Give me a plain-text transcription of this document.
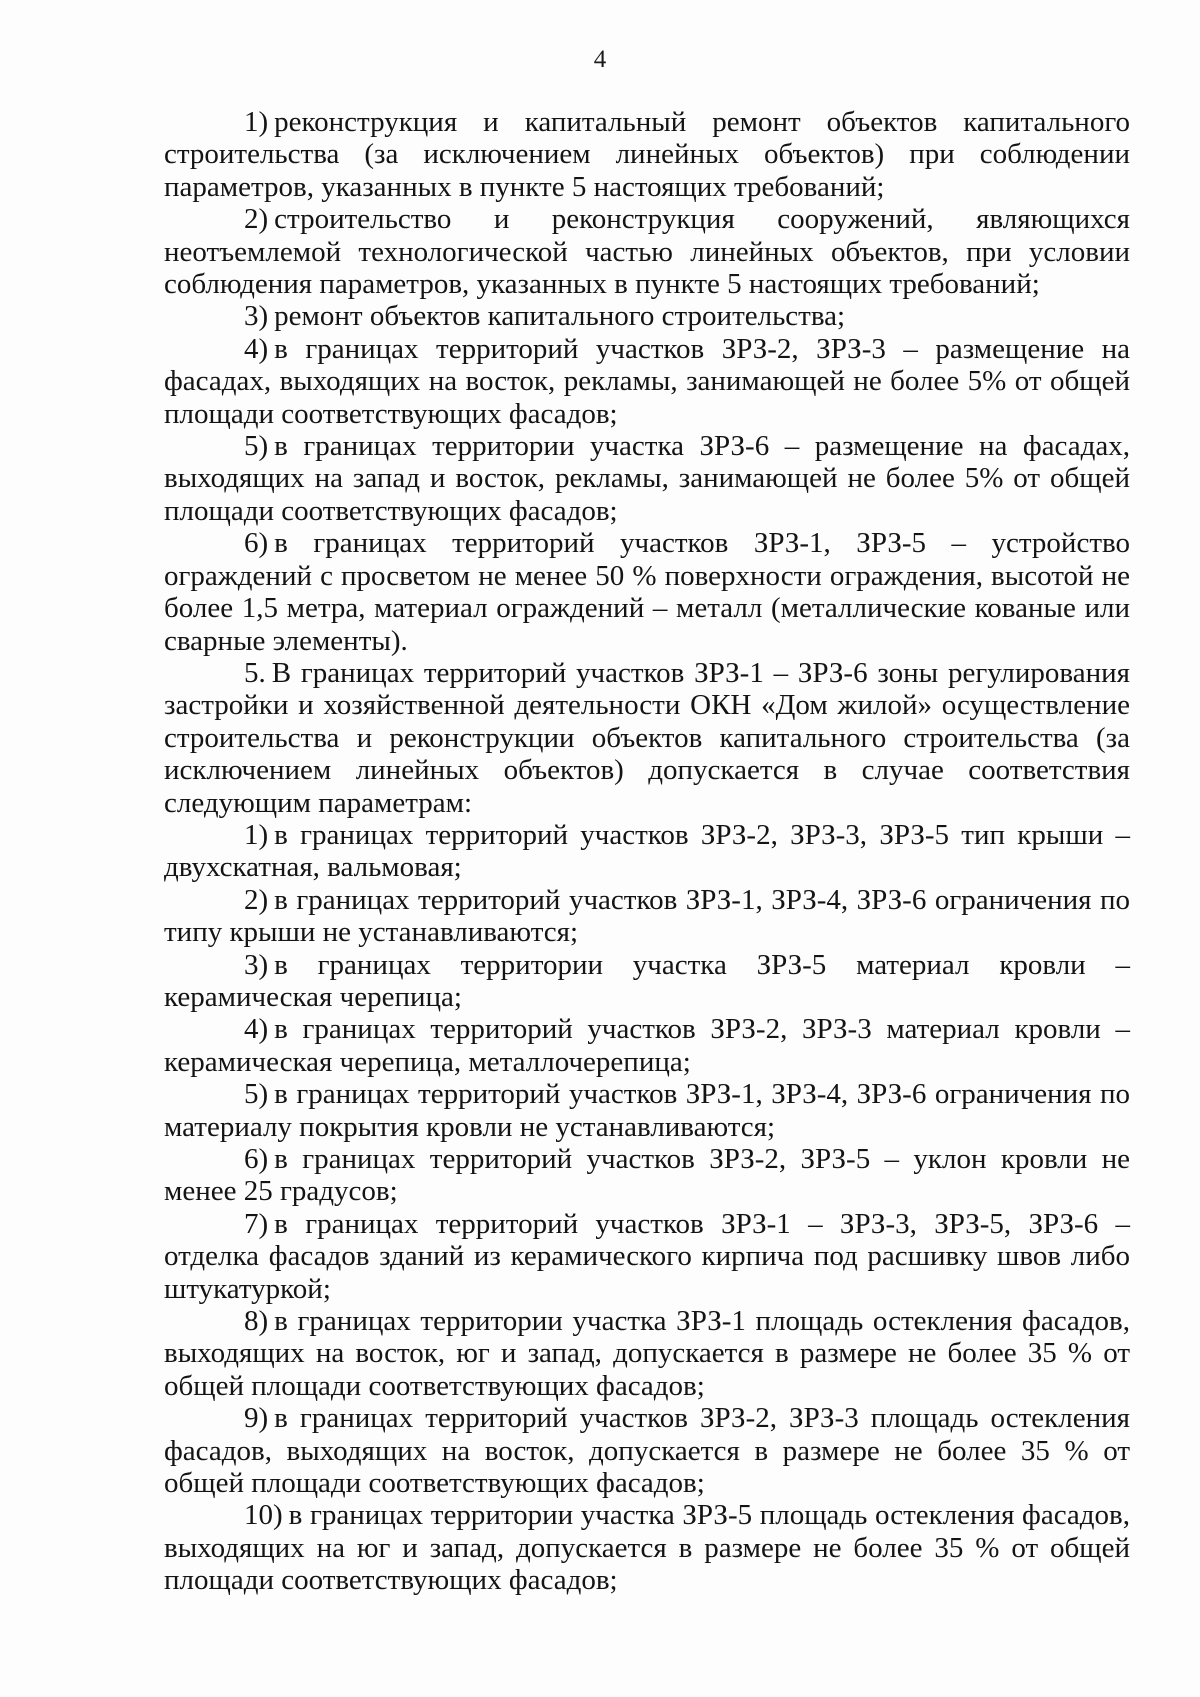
4

1) реконструкция и капитальный ремонт объектов капитального строительства (за исключением линейных объектов) при соблюдении параметров, указанных в пункте 5 настоящих требований;

2) строительство и реконструкция сооружений, являющихся неотъемлемой технологической частью линейных объектов, при условии соблюдения параметров, указанных в пункте 5 настоящих требований;

3) ремонт объектов капитального строительства;

4) в границах территорий участков ЗРЗ-2, ЗРЗ-3 – размещение на фасадах, выходящих на восток, рекламы, занимающей не более 5% от общей площади соответствующих фасадов;

5) в границах территории участка ЗРЗ-6 – размещение на фасадах, выходящих на запад и восток, рекламы, занимающей не более 5% от общей площади соответствующих фасадов;

6) в границах территорий участков ЗРЗ-1, ЗРЗ-5 – устройство ограждений с просветом не менее 50 % поверхности ограждения, высотой не более 1,5 метра, материал ограждений – металл (металлические кованые или сварные элементы).

5. В границах территорий участков ЗРЗ-1 – ЗРЗ-6 зоны регулирования застройки и хозяйственной деятельности ОКН «Дом жилой» осуществление строительства и реконструкции объектов капитального строительства (за исключением линейных объектов) допускается в случае соответствия следующим параметрам:

1) в границах территорий участков ЗРЗ-2, ЗРЗ-3, ЗРЗ-5 тип крыши – двухскатная, вальмовая;

2) в границах территорий участков ЗРЗ-1, ЗРЗ-4, ЗРЗ-6 ограничения по типу крыши не устанавливаются;

3) в границах территории участка ЗРЗ-5 материал кровли – керамическая черепица;

4) в границах территорий участков ЗРЗ-2, ЗРЗ-3 материал кровли – керамическая черепица, металлочерепица;

5) в границах территорий участков ЗРЗ-1, ЗРЗ-4, ЗРЗ-6 ограничения по материалу покрытия кровли не устанавливаются;

6) в границах территорий участков ЗРЗ-2, ЗРЗ-5 – уклон кровли не менее 25 градусов;

7) в границах территорий участков ЗРЗ-1 – ЗРЗ-3, ЗРЗ-5, ЗРЗ-6 – отделка фасадов зданий из керамического кирпича под расшивку швов либо штукатуркой;

8) в границах территории участка ЗРЗ-1 площадь остекления фасадов, выходящих на восток, юг и запад, допускается в размере не более 35 % от общей площади соответствующих фасадов;

9) в границах территорий участков ЗРЗ-2, ЗРЗ-3 площадь остекления фасадов, выходящих на восток, допускается в размере не более 35 % от общей площади соответствующих фасадов;

10) в границах территории участка ЗРЗ-5 площадь остекления фасадов, выходящих на юг и запад, допускается в размере не более 35 % от общей площади соответствующих фасадов;
